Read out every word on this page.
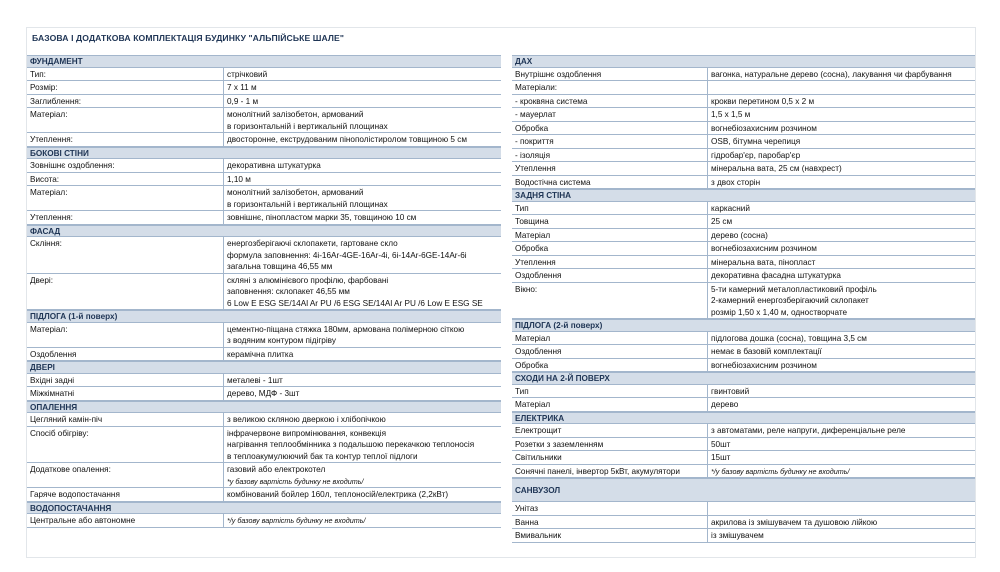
БАЗОВА І ДОДАТКОВА КОМПЛЕКТАЦІЯ БУДИНКУ "АЛЬПІЙСЬКЕ ШАЛЕ"
ФУНДАМЕНТ
Тип:	стрічковий
Розмір:	7 х 11 м
Заглиблення:	0,9 - 1 м
Матеріал:	монолітний залізобетон, армований
в горизонтальній і вертикальній площинах
Утеплення:	двосторонне, екструдованим пінополістиролом товщиною 5 см
БОКОВІ СТІНИ
Зовнішнє оздоблення:	декоративна штукатурка
Висота:	1,10 м
Матеріал:	монолітний залізобетон, армований
в горизонтальній і вертикальній площинах
Утеплення:	зовнішнє, пінопластом марки 35, товщиною 10 см
ФАСАД
Скління:	енергозберігаючі склопакети, гартоване скло
формула заповнення: 4і-16Ar-4GE-16Ar-4і, 6і-14Ar-6GE-14Ar-6і
загальна товщина 46,55 мм
Двері:	скляні з алюмінієвого профілю, фарбовані
заповнення: склопакет 46,55 мм
6 Low E ESG SE/14Al Ar PU /6 ESG SE/14Al Ar PU /6 Low E ESG SE
ПІДЛОГА (1-й поверх)
Матеріал:	цементно-піщана стяжка 180мм, армована полімерною сіткою
з водяним контуром підігріву
Оздоблення	керамічна плитка
ДВЕРІ
Вхідні задні	металеві - 1шт
Міжкімнатні	дерево, МДФ - 3шт
ОПАЛЕННЯ
Цегляний камін-піч	з великою скляною дверкою і хлібопічкою
Спосіб обігріву:	інфрачервоне випромінювання, конвекція
нагрівання теплообмінника з подальшою перекачкою теплоносія
в теплоакумулюючий бак та контур теплої підлоги
Додаткове опалення:	газовий або електрокотел
*у базову вартість будинку не входить/
Гаряче водопостачання	комбінований бойлер 160л, теплоносій/електрика (2,2кВт)
ВОДОПОСТАЧАННЯ
Центральне або автономне	*/у базову вартість будинку не входить/
ДАХ
Внутрішнє оздоблення	вагонка, натуральне дерево (сосна), лакування чи фарбування
Матеріали:
- кроквяна система	крокви перетином 0,5 х 2 м
- мауерлат	1,5 х 1,5 м
Обробка	вогнебіозахисним розчином
- покриття	OSB, бітумна черепиця
- ізоляція	гідробар'єр, паробар'єр
Утеплення	мінеральна вата, 25 см (навхрест)
Водостічна система	з двох сторін
ЗАДНЯ СТІНА
Тип	каркасний
Товщина	25 см
Матеріал	дерево (сосна)
Обробка	вогнебіозахисним розчином
Утеплення	мінеральна вата, пінопласт
Оздоблення	декоративна фасадна штукатурка
Вікно:	5-ти камерний металопластиковий профіль
2-камерний енергозберігаючий склопакет
розмір 1,50 х 1,40 м, одностворчате
ПІДЛОГА (2-й поверх)
Матеріал	підлогова дошка (сосна), товщина 3,5 см
Оздоблення	немає в базовій комплектації
Обробка	вогнебіозахисним розчином
СХОДИ НА 2-Й ПОВЕРХ
Тип	гвинтовий
Матеріал	дерево
ЕЛЕКТРИКА
Електрощит	з автоматами, реле напруги, диференціальне реле
Розетки з заземленням	50шт
Світильники	15шт
Сонячні панелі, інвертор 5кВт, акумулятори	*/у базову вартість будинку не входить/
САНВУЗОЛ
Унітаз
Ванна	акрилова із змішувачем та душовою лійкою
Вмивальник	із змішувачем
